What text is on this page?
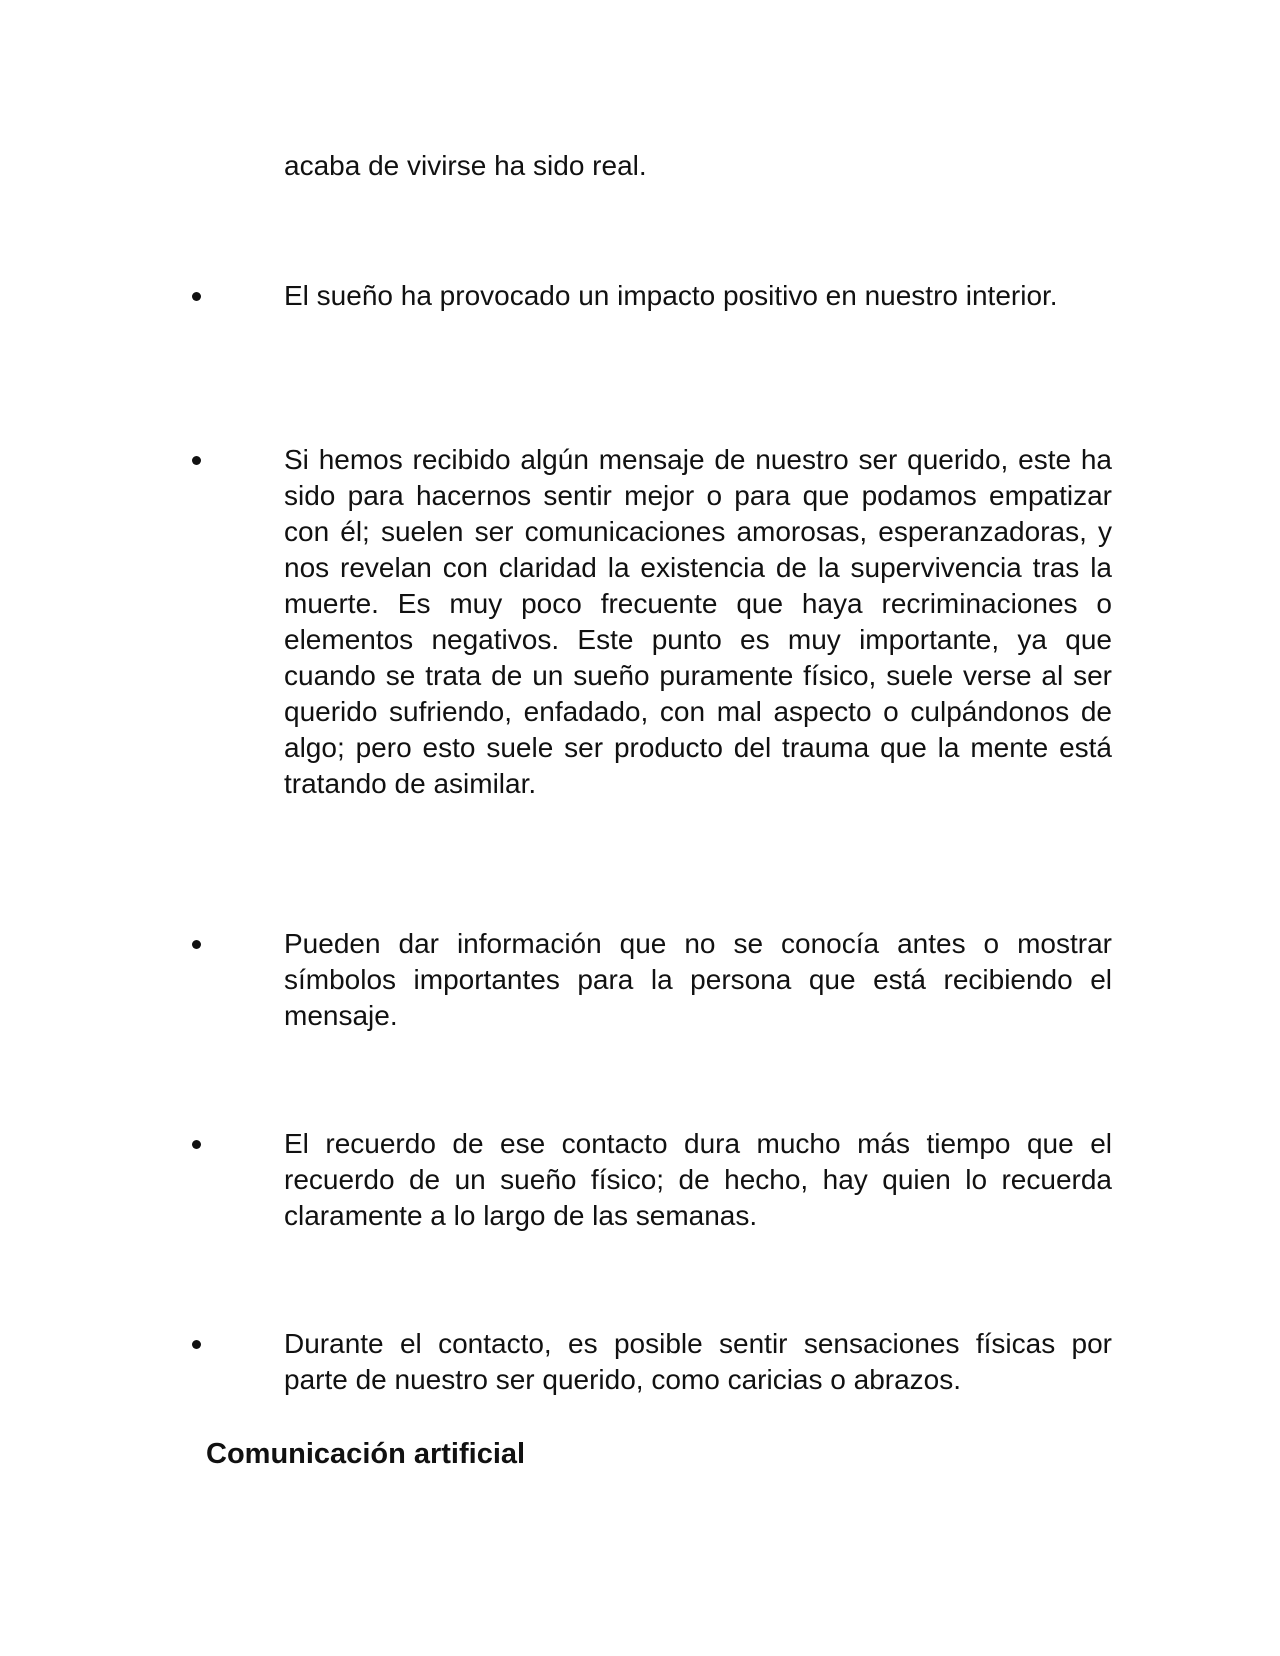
acaba de vivirse ha sido real.

El sueño ha provocado un impacto positivo en nuestro interior.

Si hemos recibido algún mensaje de nuestro ser querido, este ha sido para hacernos sentir mejor o para que podamos empatizar con él; suelen ser comunicaciones amorosas, esperanzadoras, y nos revelan con claridad la existencia de la supervivencia tras la muerte. Es muy poco frecuente que haya recriminaciones o elementos negativos. Este punto es muy importante, ya que cuando se trata de un sueño puramente físico, suele verse al ser querido sufriendo, enfadado, con mal aspecto o culpándonos de algo; pero esto suele ser producto del trauma que la mente está tratando de asimilar.

Pueden dar información que no se conocía antes o mostrar símbolos importantes para la persona que está recibiendo el mensaje.

El recuerdo de ese contacto dura mucho más tiempo que el recuerdo de un sueño físico; de hecho, hay quien lo recuerda claramente a lo largo de las semanas.

Durante el contacto, es posible sentir sensaciones físicas por parte de nuestro ser querido, como caricias o abrazos.

Comunicación artificial
